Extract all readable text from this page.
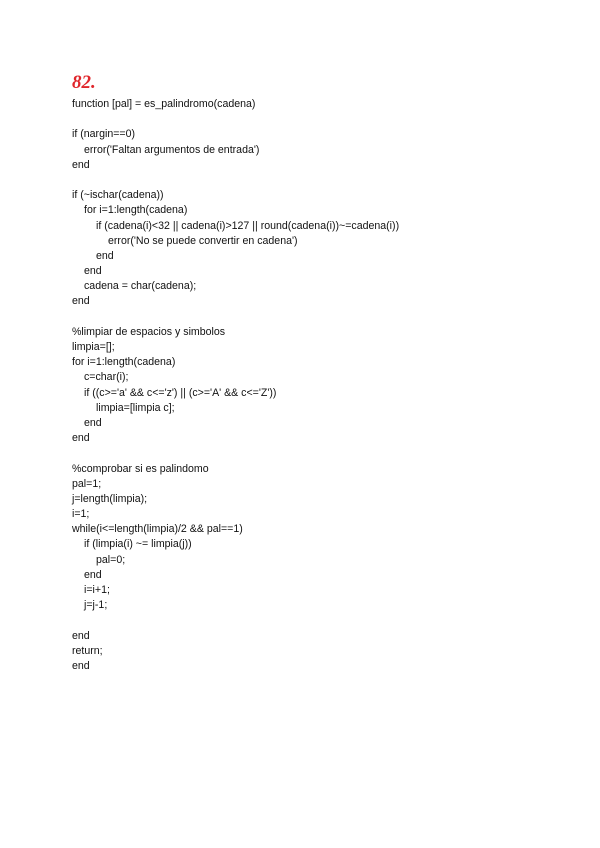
82.
function [pal] = es_palindromo(cadena)
if (nargin==0)
error('Faltan argumentos de entrada')
end
if (~ischar(cadena))
for i=1:length(cadena)
if (cadena(i)<32 || cadena(i)>127 || round(cadena(i))~=cadena(i))
error('No se puede convertir en cadena')
end
end
cadena = char(cadena);
end
%limpiar de espacios y simbolos
limpia=[];
for i=1:length(cadena)
c=char(i);
if ((c>='a' && c<='z') || (c>='A' && c<='Z'))
limpia=[limpia c];
end
end
%comprobar si es palindomo
pal=1;
j=length(limpia);
i=1;
while(i<=length(limpia)/2 && pal==1)
if (limpia(i) ~= limpia(j))
pal=0;
end
i=i+1;
j=j-1;
end
return;
end
